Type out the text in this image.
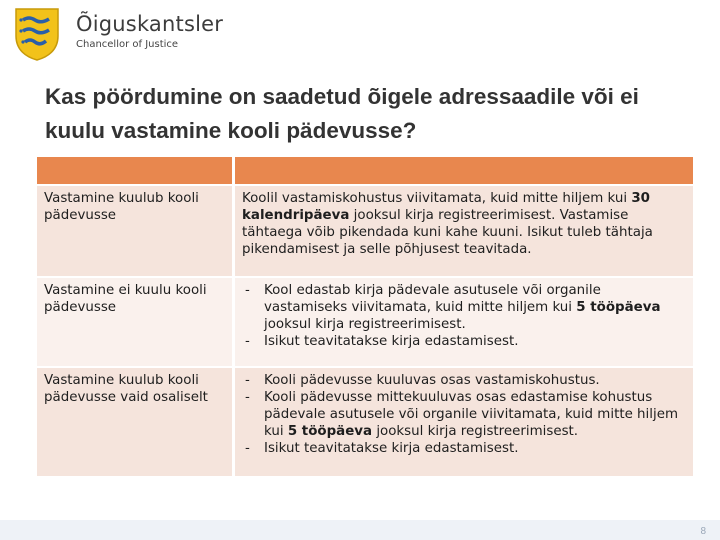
Õiguskantsler
Chancellor of Justice
Kas pöördumine on saadetud õigele adressaadile või ei kuulu vastamine kooli pädevusse?
Vastamine kuulub kooli pädevusse
Koolil vastamiskohustus viivitamata, kuid mitte hiljem kui 30 kalendripäeva jooksul kirja registreerimisest. Vastamise tähtaega võib pikendada kuni kahe kuuni. Isikut tuleb tähtaja pikendamisest ja selle põhjusest teavitada.
Vastamine ei kuulu kooli pädevusse
- Kool edastab kirja pädevale asutusele või organile vastamiseks viivitamata, kuid mitte hiljem kui 5 tööpäeva jooksul kirja registreerimisest.
- Isikut teavitatakse kirja edastamisest.
Vastamine kuulub kooli pädevusse vaid osaliselt
- Kooli pädevusse kuuluvas osas vastamiskohustus.
- Kooli pädevusse mittekuuluvas osas edastamise kohustus pädevale asutusele või organile viivitamata, kuid mitte hiljem kui 5 tööpäeva jooksul kirja registreerimisest.
- Isikut teavitatakse kirja edastamisest.
8
